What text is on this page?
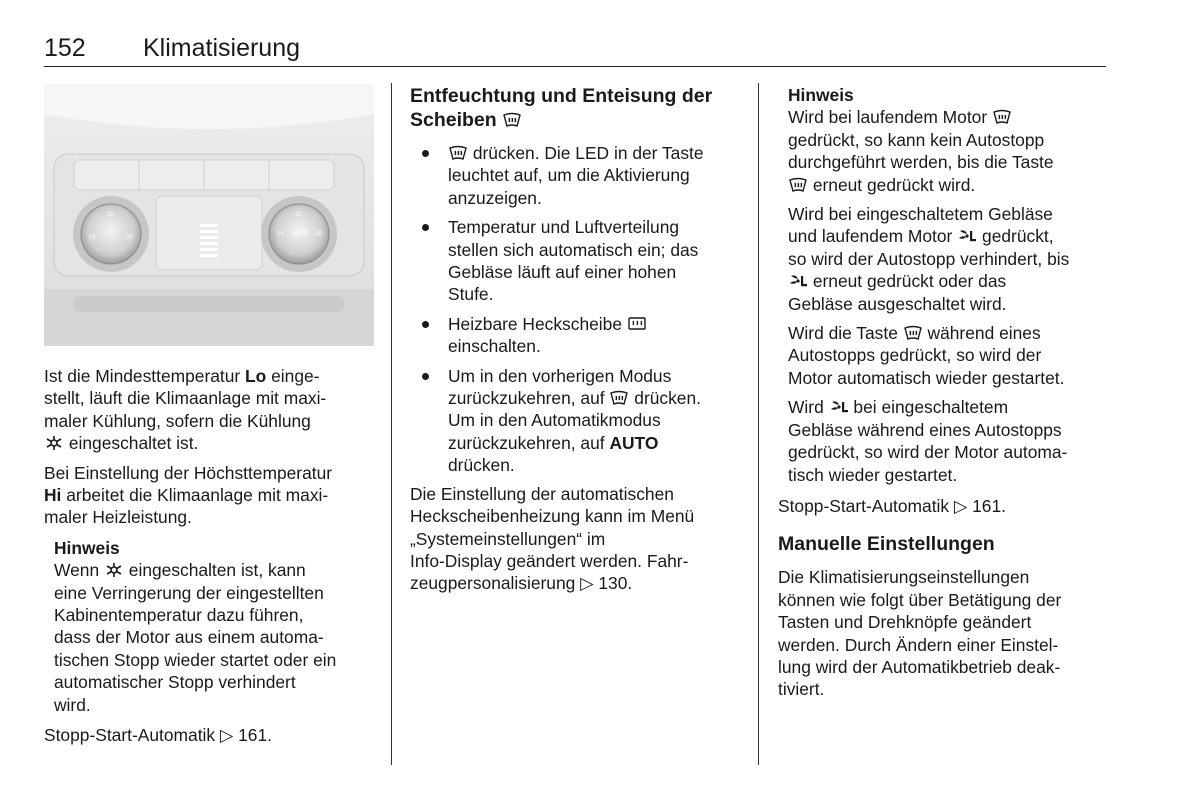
152 Klimatisierung
22
16	28
22
16	28
AUTO

Ist die Mindesttemperatur Lo einge-
stellt, läuft die Klimaanlage mit maxi-
maler Kühlung, sofern die Kühlung

eingeschaltet ist.

Bei Einstellung der Höchsttemperatur
Hi arbeitet die Klimaanlage mit maxi-
maler Heizleistung.

Hinweis

Wenn
eingeschalten ist, kann
eine Verringerung der eingestellten
Kabinentemperatur dazu führen,
dass der Motor aus einem automa-
tischen Stopp wieder startet oder ein
automatischer Stopp verhindert
wird.

Stopp-Start-Automatik ▷ 161.

Entfeuchtung und Enteisung der
Scheiben

drücken. Die LED in der Taste
leuchtet auf, um die Aktivierung
anzuzeigen.
Temperatur und Luftverteilung
stellen sich automatisch ein; das
Gebläse läuft auf einer hohen
Stufe.
Heizbare Heckscheibe

einschalten.
Um in den vorherigen Modus
zurückzukehren, auf
drücken.
Um in den Automatikmodus
zurückzukehren, auf AUTO
drücken.

Die Einstellung der automatischen
Heckscheibenheizung kann im Menü
„Systemeinstellungen“ im
Info-Display geändert werden. Fahr-
zeugpersonalisierung ▷ 130.

Hinweis

Wird bei laufendem Motor

gedrückt, so kann kein Autostopp
durchgeführt werden, bis die Taste

erneut gedrückt wird.

Wird bei eingeschaltetem Gebläse
und laufendem Motor
gedrückt,
so wird der Autostopp verhindert, bis

erneut gedrückt oder das
Gebläse ausgeschaltet wird.

Wird die Taste
während eines
Autostopps gedrückt, so wird der
Motor automatisch wieder gestartet.

Wird
bei eingeschaltetem
Gebläse während eines Autostopps
gedrückt, so wird der Motor automa-
tisch wieder gestartet.

Stopp-Start-Automatik ▷ 161.

Manuelle Einstellungen

Die Klimatisierungseinstellungen
können wie folgt über Betätigung der
Tasten und Drehknöpfe geändert
werden. Durch Ändern einer Einstel-
lung wird der Automatikbetrieb deak-
tiviert.
